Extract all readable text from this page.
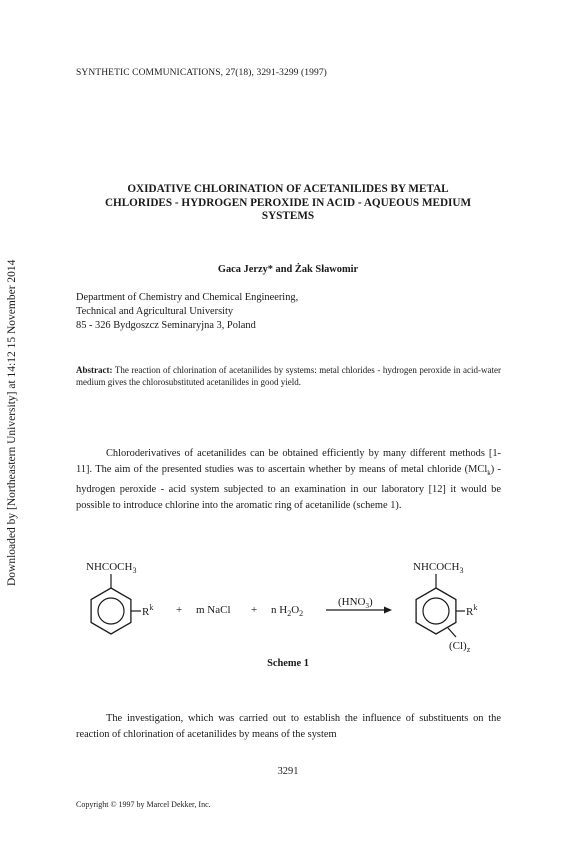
Downloaded by [Northeastern University] at 14:12 15 November 2014
SYNTHETIC COMMUNICATIONS, 27(18), 3291-3299 (1997)
OXIDATIVE CHLORINATION OF ACETANILIDES BY METAL
CHLORIDES - HYDROGEN PEROXIDE IN ACID - AQUEOUS MEDIUM
SYSTEMS
Gaca Jerzy* and Żak Sławomir
Department of Chemistry and Chemical Engineering,
Technical and Agricultural University
85 - 326 Bydgoszcz Seminaryjna 3, Poland
Abstract: The reaction of chlorination of acetanilides by systems: metal chlorides - hydrogen peroxide in acid-water medium gives the chlorosubstituted acetanilides in good yield.
Chloroderivatives of acetanilides can be obtained efficiently by many different methods [1-11]. The aim of the presented studies was to ascertain whether by means of metal chloride (MCl$_k$) - hydrogen peroxide - acid system subjected to an examination in our laboratory [12] it would be possible to introduce chlorine into the aromatic ring of acetanilide (scheme 1).
$NHCOCH_3$
$R^k + m$ NaCl + n $H_2O_2$
$(HNO_3)$
$NHCOCH_3$
$R^k$
$(Cl)_z$
Scheme 1
The investigation, which was carried out to establish the influence of substituents on the reaction of chlorination of acetanilides by means of the system
3291
Copyright © 1997 by Marcel Dekker, Inc.
